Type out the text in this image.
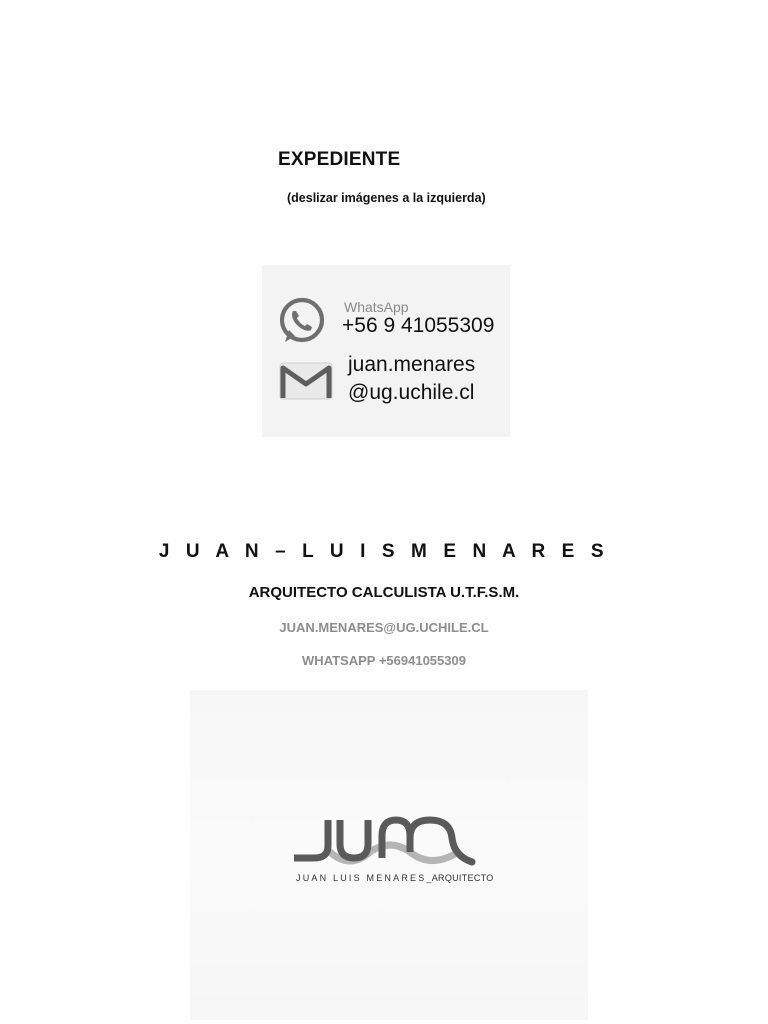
EXPEDIENTE
(deslizar imágenes a la izquierda)
WhatsApp
+56 9 41055309
juan.menares
@ug.uchile.cl
J U A N – L U I S M E N A R E S
ARQUITECTO CALCULISTA U.T.F.S.M.
JUAN.MENARES@UG.UCHILE.CL
WHATSAPP +56941055309
JUAN LUIS MENARES_ARQUITECTO
